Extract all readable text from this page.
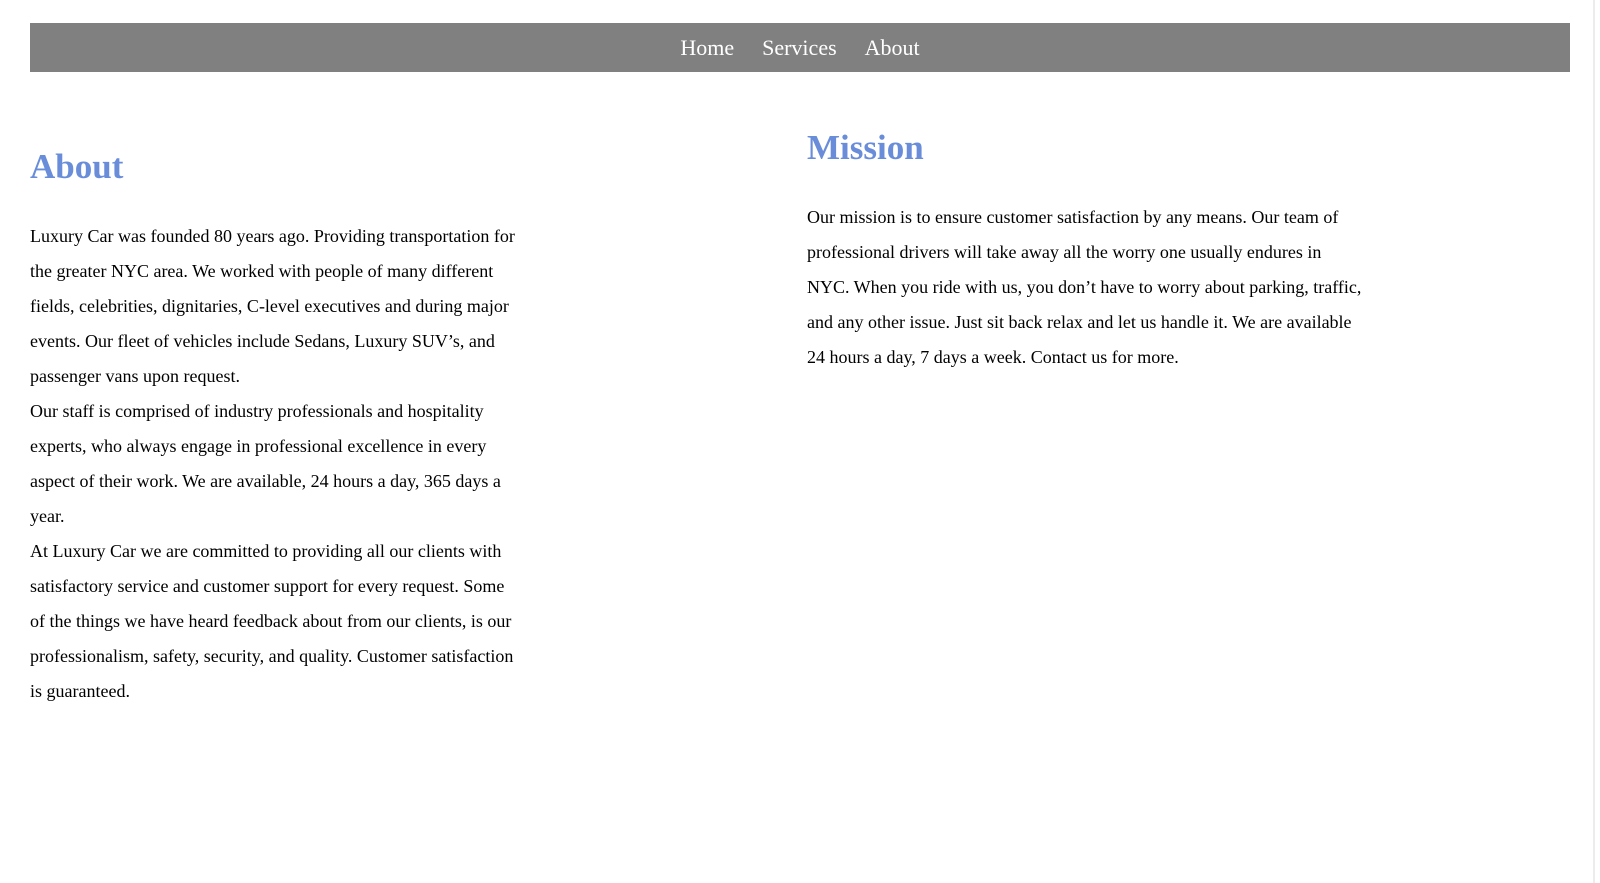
Home Services About
About

Luxury Car was founded 80 years ago. Providing transportation for the greater NYC area. We worked with people of many different fields, celebrities, dignitaries, C-level executives and during major events. Our fleet of vehicles include Sedans, Luxury SUV’s, and passenger vans upon request.

Our staff is comprised of industry professionals and hospitality experts, who always engage in professional excellence in every aspect of their work. We are available, 24 hours a day, 365 days a year.

At Luxury Car we are committed to providing all our clients with satisfactory service and customer support for every request. Some of the things we have heard feedback about from our clients, is our professionalism, safety, security, and quality. Customer satisfaction is guaranteed.

Mission

Our mission is to ensure customer satisfaction by any means. Our team of professional drivers will take away all the worry one usually endures in NYC. When you ride with us, you don’t have to worry about parking, traffic, and any other issue. Just sit back relax and let us handle it. We are available 24 hours a day, 7 days a week. Contact us for more.
